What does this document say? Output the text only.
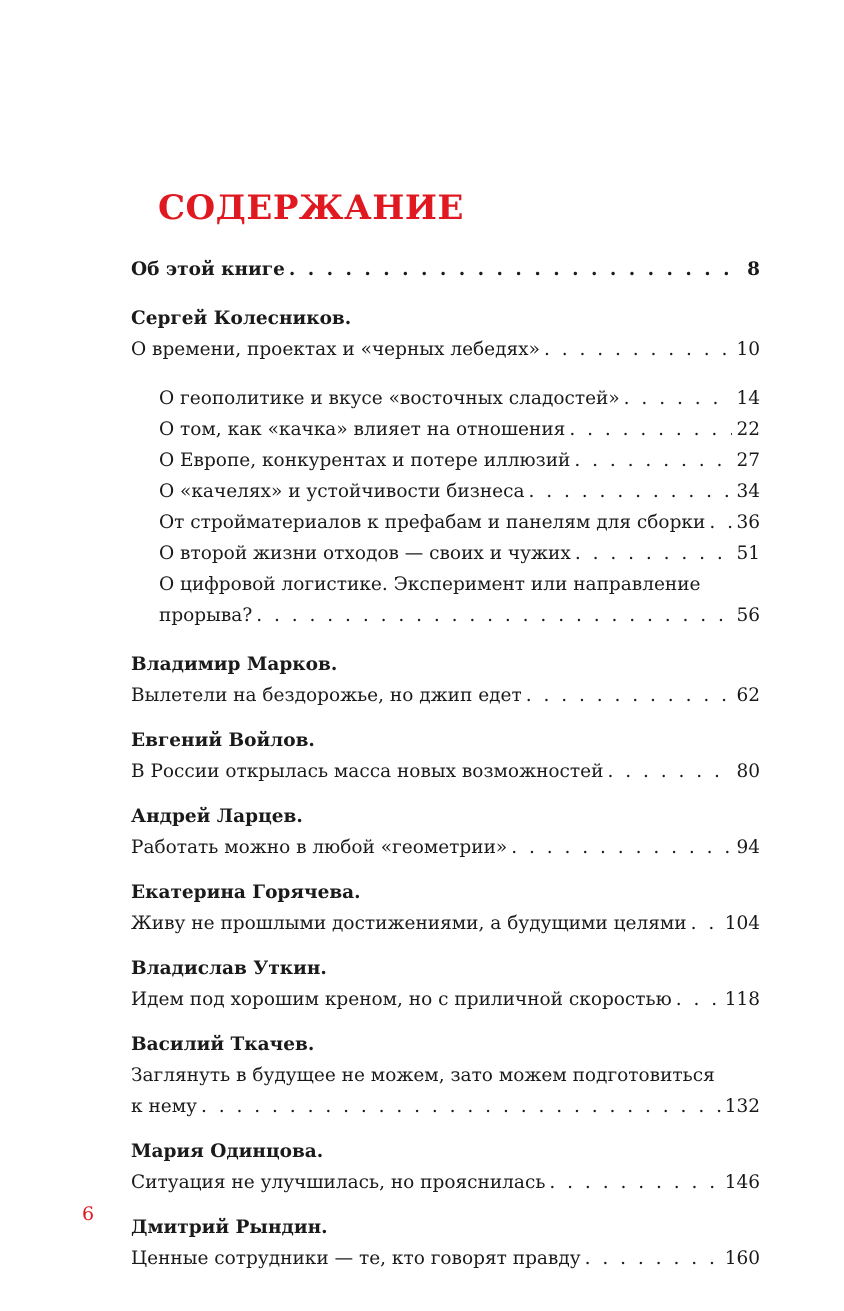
СОДЕРЖАНИЕ
Об этой книге . . .	8
Сергей Колесников.
О времени, проектах и «черных лебедях» . . .	10
О геополитике и вкусе «восточных сладостей» . . .	14
О том, как «качка» влияет на отношения . . .	22
О Европе, конкурентах и потере иллюзий . . .	27
О «качелях» и устойчивости бизнеса . . .	34
От стройматериалов к префабам и панелям для сборки . . . 36
О второй жизни отходов — своих и чужих . . .	51
О цифровой логистике. Эксперимент или направление
прорыва? . . .	56
Владимир Марков.
Вылетели на бездорожье, но джип едет . . .	62
Евгений Войлов.
В России открылась масса новых возможностей . . .	80
Андрей Ларцев.
Работать можно в любой «геометрии» . . .	94
Екатерина Горячева.
Живу не прошлыми достижениями, а будущими целями . . . 104
Владислав Уткин.
Идем под хорошим креном, но с приличной скоростью . . .	118
Василий Ткачев.
Заглянуть в будущее не можем, зато можем подготовиться
к нему . . .	132
Мария Одинцова.
Ситуация не улучшилась, но прояснилась . . .	146
Дмитрий Рындин.
Ценные сотрудники — те, кто говорят правду . . .	160
6
